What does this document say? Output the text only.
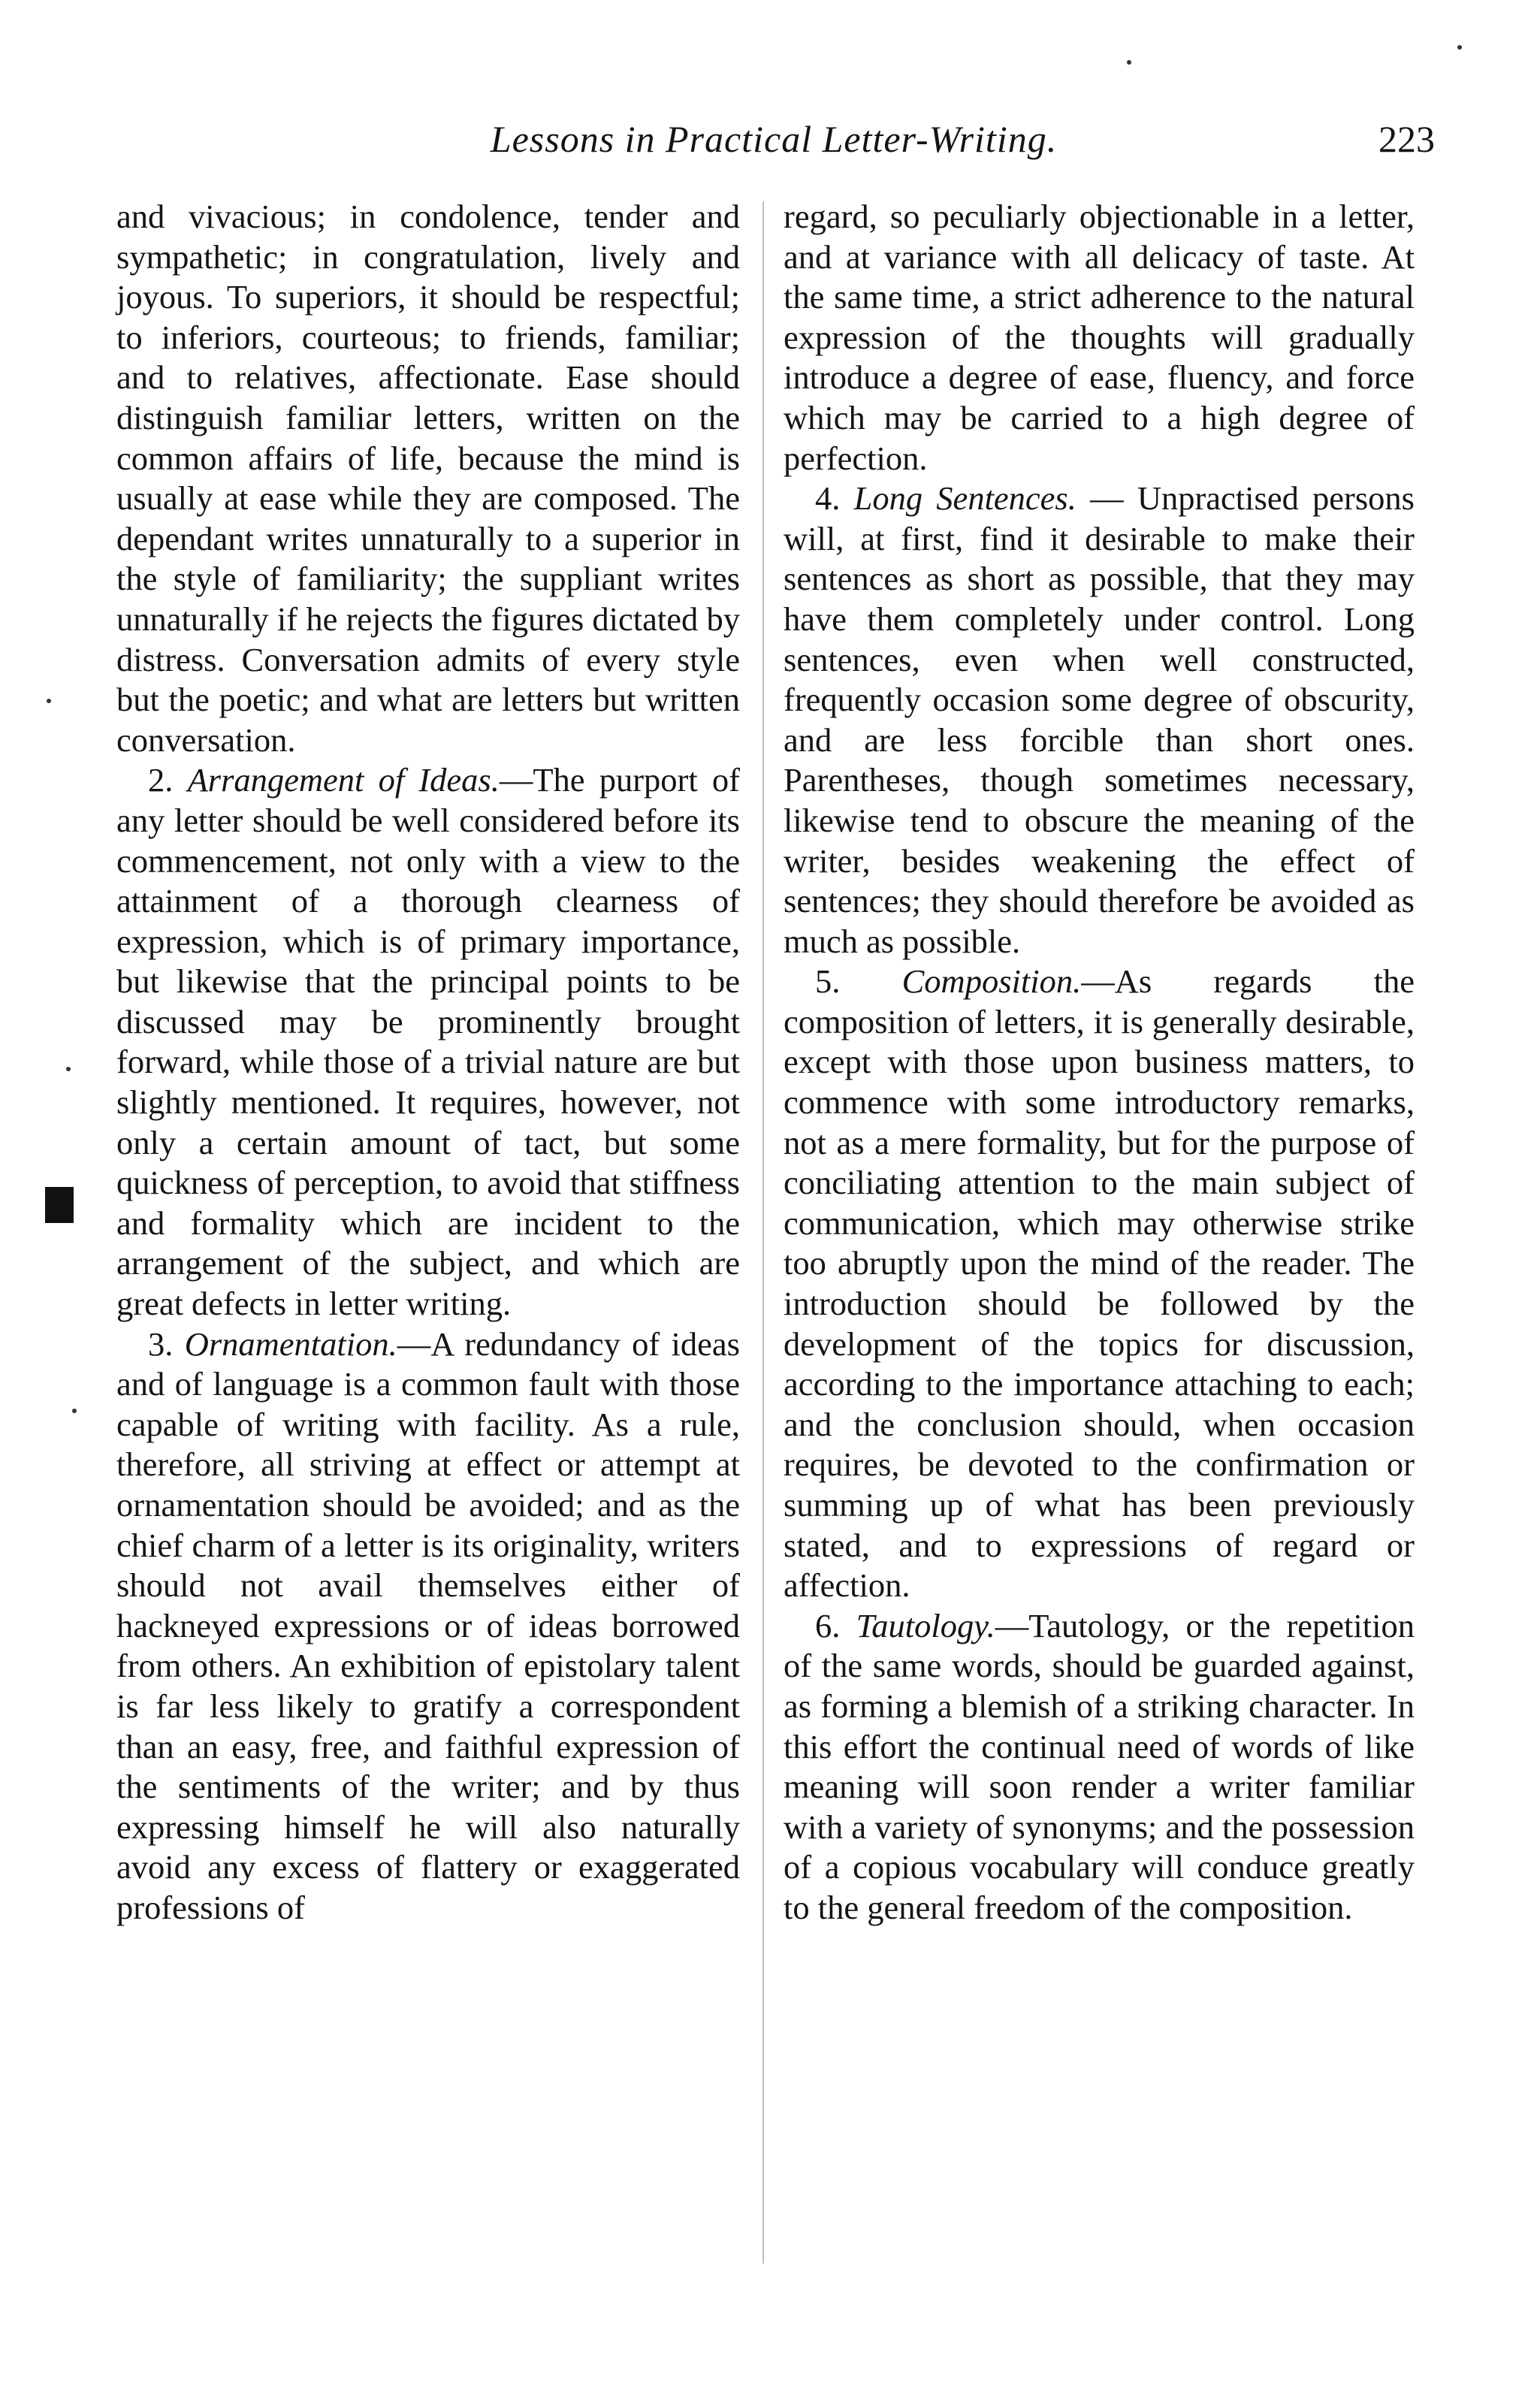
Lessons in Practical Letter-Writing.	223

and vivacious; in condolence, tender and sympathetic; in congratulation, lively and joyous. To superiors, it should be respectful; to inferiors, courteous; to friends, familiar; and to relatives, affectionate. Ease should distinguish familiar letters, written on the common affairs of life, because the mind is usually at ease while they are composed. The dependant writes unnaturally to a superior in the style of familiarity; the suppliant writes unnaturally if he rejects the figures dictated by distress. Conversation admits of every style but the poetic; and what are letters but written conversation.

2. Arrangement of Ideas.—The purport of any letter should be well considered before its commencement, not only with a view to the attainment of a thorough clearness of expression, which is of primary importance, but likewise that the principal points to be discussed may be prominently brought forward, while those of a trivial nature are but slightly mentioned. It requires, however, not only a certain amount of tact, but some quickness of perception, to avoid that stiffness and formality which are incident to the arrangement of the subject, and which are great defects in letter writing.

3. Ornamentation.—A redundancy of ideas and of language is a common fault with those capable of writing with facility. As a rule, therefore, all striving at effect or attempt at ornamentation should be avoided; and as the chief charm of a letter is its originality, writers should not avail themselves either of hackneyed expressions or of ideas borrowed from others. An exhibition of epistolary talent is far less likely to gratify a correspondent than an easy, free, and faithful expression of the sentiments of the writer; and by thus expressing himself he will also naturally avoid any excess of flattery or exaggerated professions of

regard, so peculiarly objectionable in a letter, and at variance with all delicacy of taste. At the same time, a strict adherence to the natural expression of the thoughts will gradually introduce a degree of ease, fluency, and force which may be carried to a high degree of perfection.

4. Long Sentences. — Unpractised persons will, at first, find it desirable to make their sentences as short as possible, that they may have them completely under control. Long sentences, even when well constructed, frequently occasion some degree of obscurity, and are less forcible than short ones. Parentheses, though sometimes necessary, likewise tend to obscure the meaning of the writer, besides weakening the effect of sentences; they should therefore be avoided as much as possible.

5. Composition.—As regards the composition of letters, it is generally desirable, except with those upon business matters, to commence with some introductory remarks, not as a mere formality, but for the purpose of conciliating attention to the main subject of communication, which may otherwise strike too abruptly upon the mind of the reader. The introduction should be followed by the development of the topics for discussion, according to the importance attaching to each; and the conclusion should, when occasion requires, be devoted to the confirmation or summing up of what has been previously stated, and to expressions of regard or affection.

6. Tautology.—Tautology, or the repetition of the same words, should be guarded against, as forming a blemish of a striking character. In this effort the continual need of words of like meaning will soon render a writer familiar with a variety of synonyms; and the possession of a copious vocabulary will conduce greatly to the general freedom of the composition.
